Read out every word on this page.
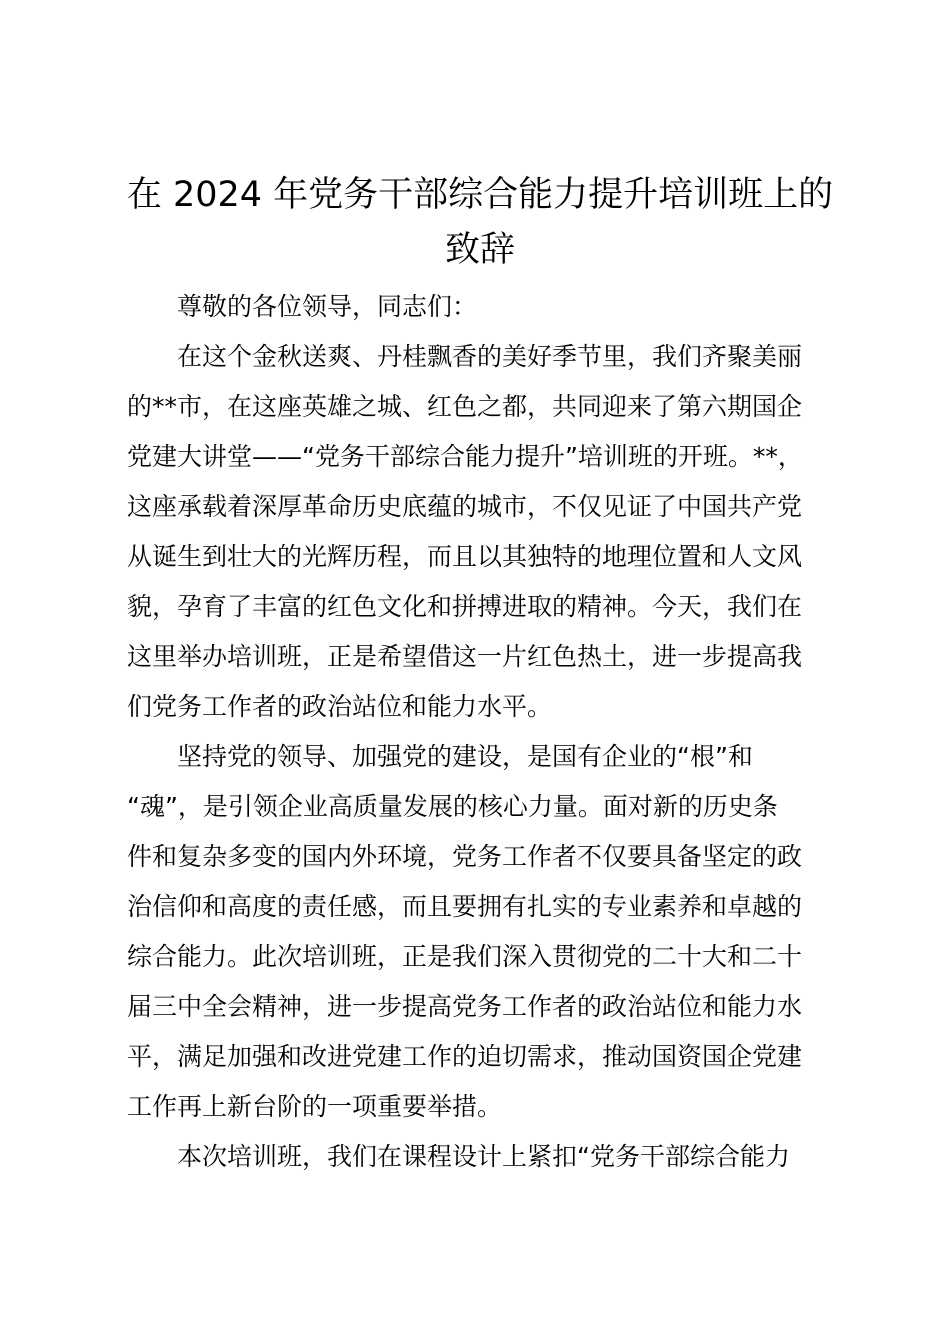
在 2024 年党务干部综合能力提升培训班上的
致辞
尊敬的各位领导，同志们：
在这个金秋送爽、丹桂飘香的美好季节里，我们齐聚美丽
的**市，在这座英雄之城、红色之都，共同迎来了第六期国企
党建大讲堂——“党务干部综合能力提升”培训班的开班。**，
这座承载着深厚革命历史底蕴的城市，不仅见证了中国共产党
从诞生到壮大的光辉历程，而且以其独特的地理位置和人文风
貌，孕育了丰富的红色文化和拼搏进取的精神。今天，我们在
这里举办培训班，正是希望借这一片红色热土，进一步提高我
们党务工作者的政治站位和能力水平。
坚持党的领导、加强党的建设，是国有企业的“根”和
“魂”，是引领企业高质量发展的核心力量。面对新的历史条
件和复杂多变的国内外环境，党务工作者不仅要具备坚定的政
治信仰和高度的责任感，而且要拥有扎实的专业素养和卓越的
综合能力。此次培训班，正是我们深入贯彻党的二十大和二十
届三中全会精神，进一步提高党务工作者的政治站位和能力水
平，满足加强和改进党建工作的迫切需求，推动国资国企党建
工作再上新台阶的一项重要举措。
本次培训班，我们在课程设计上紧扣“党务干部综合能力
